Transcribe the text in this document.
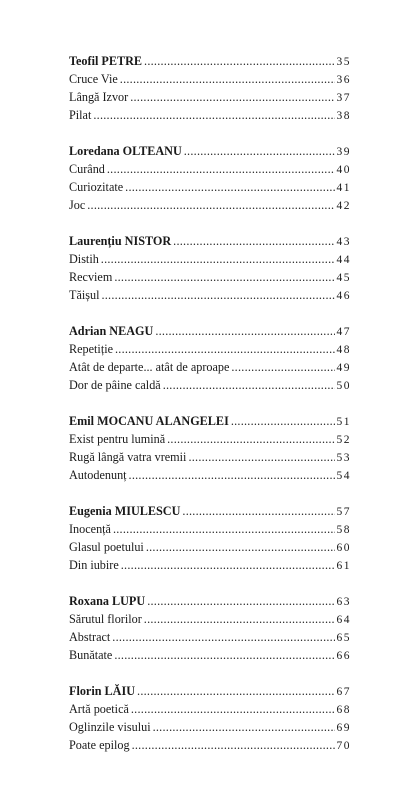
Teofil PETRE . . .	35
Cruce Vie . . .	36
Lângă Izvor . . .	37
Pilat . . .	38
Loredana OLTEANU . . .	39
Curând . . .	40
Curiozitate . . .	41
Joc . . .	42
Laurențiu NISTOR . . .	43
Distih . . .	44
Recviem . . .	45
Tăișul . . .	46
Adrian NEAGU . . .	47
Repetiție . . .	48
Atât de departe... atât de aproape . . .	49
Dor de pâine caldă . . .	50
Emil MOCANU ALANGELEI . . .	51
Exist pentru lumină . . .	52
Rugă lângă vatra vremii . . .	53
Autodenunț . . .	54
Eugenia MIULESCU . . .	57
Inocență . . .	58
Glasul poetului . . .	60
Din iubire . . .	61
Roxana LUPU . . .	63
Sărutul florilor . . .	64
Abstract . . .	65
Bunătate . . .	66
Florin LĂIU . . .	67
Artă poetică . . .	68
Oglinzile visului . . .	69
Poate epilog . . .	70
